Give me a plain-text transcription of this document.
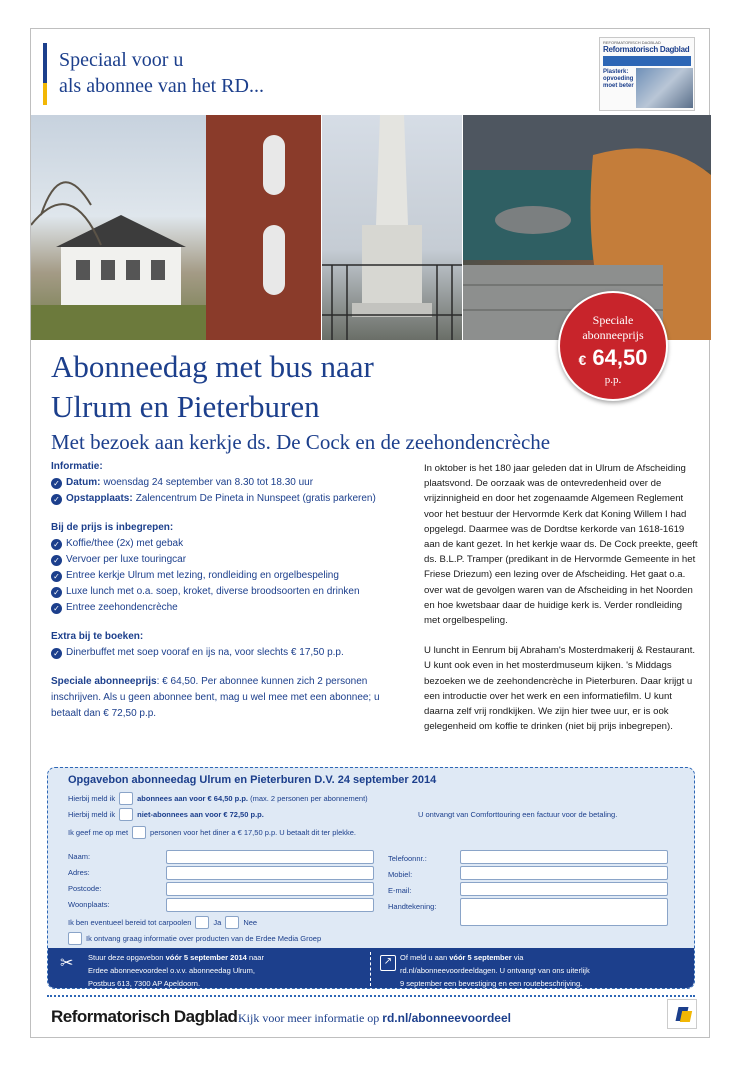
Speciaal voor u
als abonnee van het RD...
REFORMATORISCH DAGBLAD
Reformatorisch Dagblad
Plasterk: opvoeding moet beter
Speciale
abonneeprijs
€ 64,50
p.p.
Abonneedag met bus naar
Ulrum en Pieterburen
Met bezoek aan kerkje ds. De Cock en de zeehondencrèche
Informatie:
✓ Datum: woensdag 24 september van 8.30 tot 18.30 uur
✓ Opstapplaats: Zalencentrum De Pineta in Nunspeet (gratis parkeren)
Bij de prijs is inbegrepen:
✓ Koffie/thee (2x) met gebak
✓ Vervoer per luxe touringcar
✓ Entree kerkje Ulrum met lezing, rondleiding en orgelbespeling
✓ Luxe lunch met o.a. soep, kroket, diverse broodsoorten en drinken
✓ Entree zeehondencrèche
Extra bij te boeken:
✓ Dinerbuffet met soep vooraf en ijs na, voor slechts € 17,50 p.p.
Speciale abonneeprijs: € 64,50. Per abonnee kunnen zich 2 personen inschrijven. Als u geen abonnee bent, mag u wel mee met een abonnee; u betaalt dan € 72,50 p.p.

In oktober is het 180 jaar geleden dat in Ulrum de Afscheiding plaatsvond. De oorzaak was de ontevredenheid over de vrijzinnigheid en door het zogenaamde Algemeen Reglement voor het bestuur der Hervormde Kerk dat Koning Willem I had opgelegd. Daarmee was de Dordtse kerkorde van 1618-1619 aan de kant gezet. In het kerkje waar ds. De Cock preekte, geeft ds. B.L.P. Tramper (predikant in de Hervormde Gemeente in het Friese Driezum) een lezing over de Afscheiding. Het gaat o.a. over wat de gevolgen waren van de Afscheiding in het Noorden en hoe kwetsbaar daar de huidige kerk is. Verder rondleiding met orgelbespeling.

U luncht in Eenrum bij Abraham's Mosterdmakerij & Restaurant. U kunt ook even in het mosterdmuseum kijken. 's Middags bezoeken we de zeehondencrèche in Pieterburen. Daar krijgt u een introductie over het werk en een informatiefilm. U kunt daarna zelf vrij rondkijken. We zijn hier twee uur, er is ook gelegenheid om koffie te drinken (niet bij prijs inbegrepen).

Opgavebon abonneedag Ulrum en Pieterburen D.V. 24 september 2014
Hierbij meld ik	abonnees aan voor € 64,50 p.p.
(max. 2 personen per abonnement)
Hierbij meld ik	niet-abonnees aan voor € 72,50 p.p.	U ontvangt van Comforttouring een factuur voor de betaling.
Ik geef me op met	personen voor het diner a € 17,50 p.p. U betaalt dit ter plekke.
Naam:
Adres:
Postcode:
Woonplaats:
Telefoonnr.:
Mobiel:
E-mail:
Handtekening:
Ik ben eventueel bereid tot carpoolen	Ja	Nee
Ik ontvang graag informatie over producten van de Erdee Media Groep
✂ Stuur deze opgavebon vóór 5 september 2014 naar
Erdee abonneevoordeel o.v.v. abonneedag Ulrum,
Postbus 613, 7300 AP Apeldoorn.
↗	Of meld u aan vóór 5 september via
rd.nl/abonneevoordeeldagen. U ontvangt van ons uiterlijk
9 september een bevestiging en een routebeschrijving.
Reformatorisch Dagblad Kijk voor meer informatie op rd.nl/abonneevoordeel
